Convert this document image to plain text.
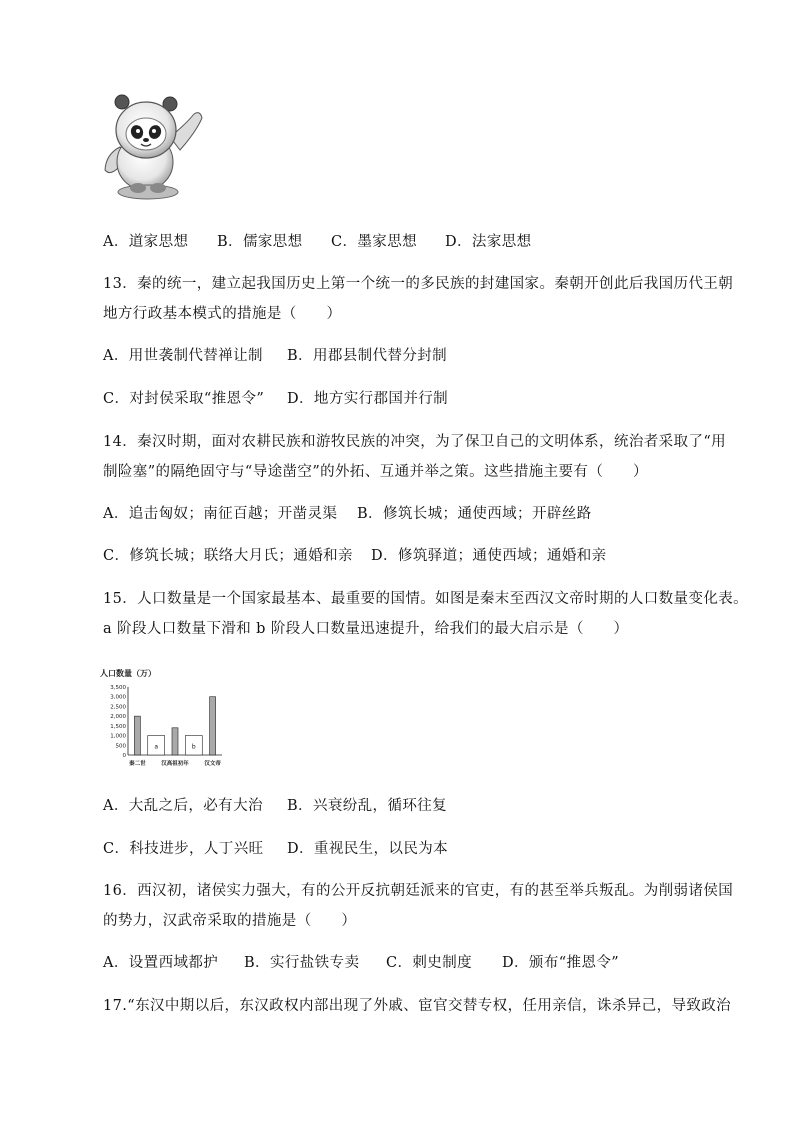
A．道家思想 B．儒家思想 C．墨家思想 D．法家思想
13．秦的统一，建立起我国历史上第一个统一的多民族的封建国家。秦朝开创此后我国历代王朝
地方行政基本模式的措施是（　　）
A．用世袭制代替禅让制 B．用郡县制代替分封制
C．对封侯采取“推恩令” D．地方实行郡国并行制
14．秦汉时期，面对农耕民族和游牧民族的冲突，为了保卫自己的文明体系，统治者采取了“用
制险塞”的隔绝固守与“导途凿空”的外拓、互通并举之策。这些措施主要有（　　）
A．追击匈奴；南征百越；开凿灵渠 B．修筑长城；通使西域；开辟丝路
C．修筑长城；联络大月氏；通婚和亲 D．修筑驿道；通使西域；通婚和亲
15．人口数量是一个国家最基本、最重要的国情。如图是秦末至西汉文帝时期的人口数量变化表。
a 阶段人口数量下滑和 b 阶段人口数量迅速提升，给我们的最大启示是（　　）
人口数量（万）
3,500
3,000
2,500
2,000
1,500
1,000
500
0
a	b
秦二世	汉高祖初年	汉文帝
A．大乱之后，必有大治 B．兴衰纷乱，循环往复
C．科技进步，人丁兴旺 D．重视民生，以民为本
16．西汉初，诸侯实力强大，有的公开反抗朝廷派来的官吏，有的甚至举兵叛乱。为削弱诸侯国
的势力，汉武帝采取的措施是（　　）
A．设置西域都护 B．实行盐铁专卖 C．刺史制度 D．颁布“推恩令”
17.“东汉中期以后，东汉政权内部出现了外戚、宦官交替专权，任用亲信，诛杀异己，导致政治
